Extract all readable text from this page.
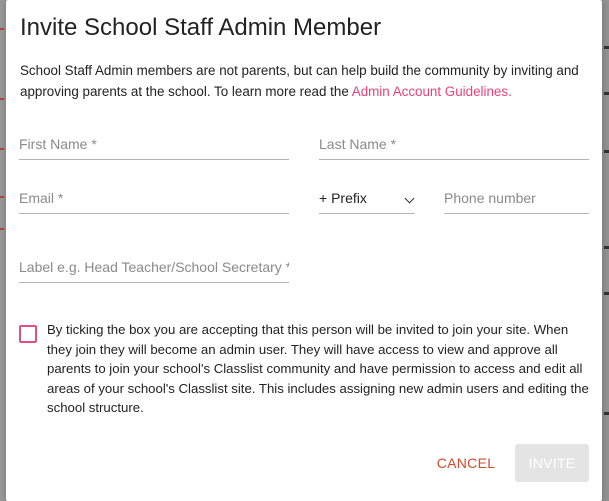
Invite School Staff Admin Member

School Staff Admin members are not parents, but can help build the community by inviting and approving parents at the school. To learn more read the Admin Account Guidelines.

First Name *
Last Name *
Email *
+ Prefix
Phone number
Label e.g. Head Teacher/School Secretary *

By ticking the box you are accepting that this person will be invited to join your site. When they join they will become an admin user. They will have access to view and approve all parents to join your school's Classlist community and have permission to access and edit all areas of your school's Classlist site. This includes assigning new admin users and editing the school structure.

CANCEL	INVITE
